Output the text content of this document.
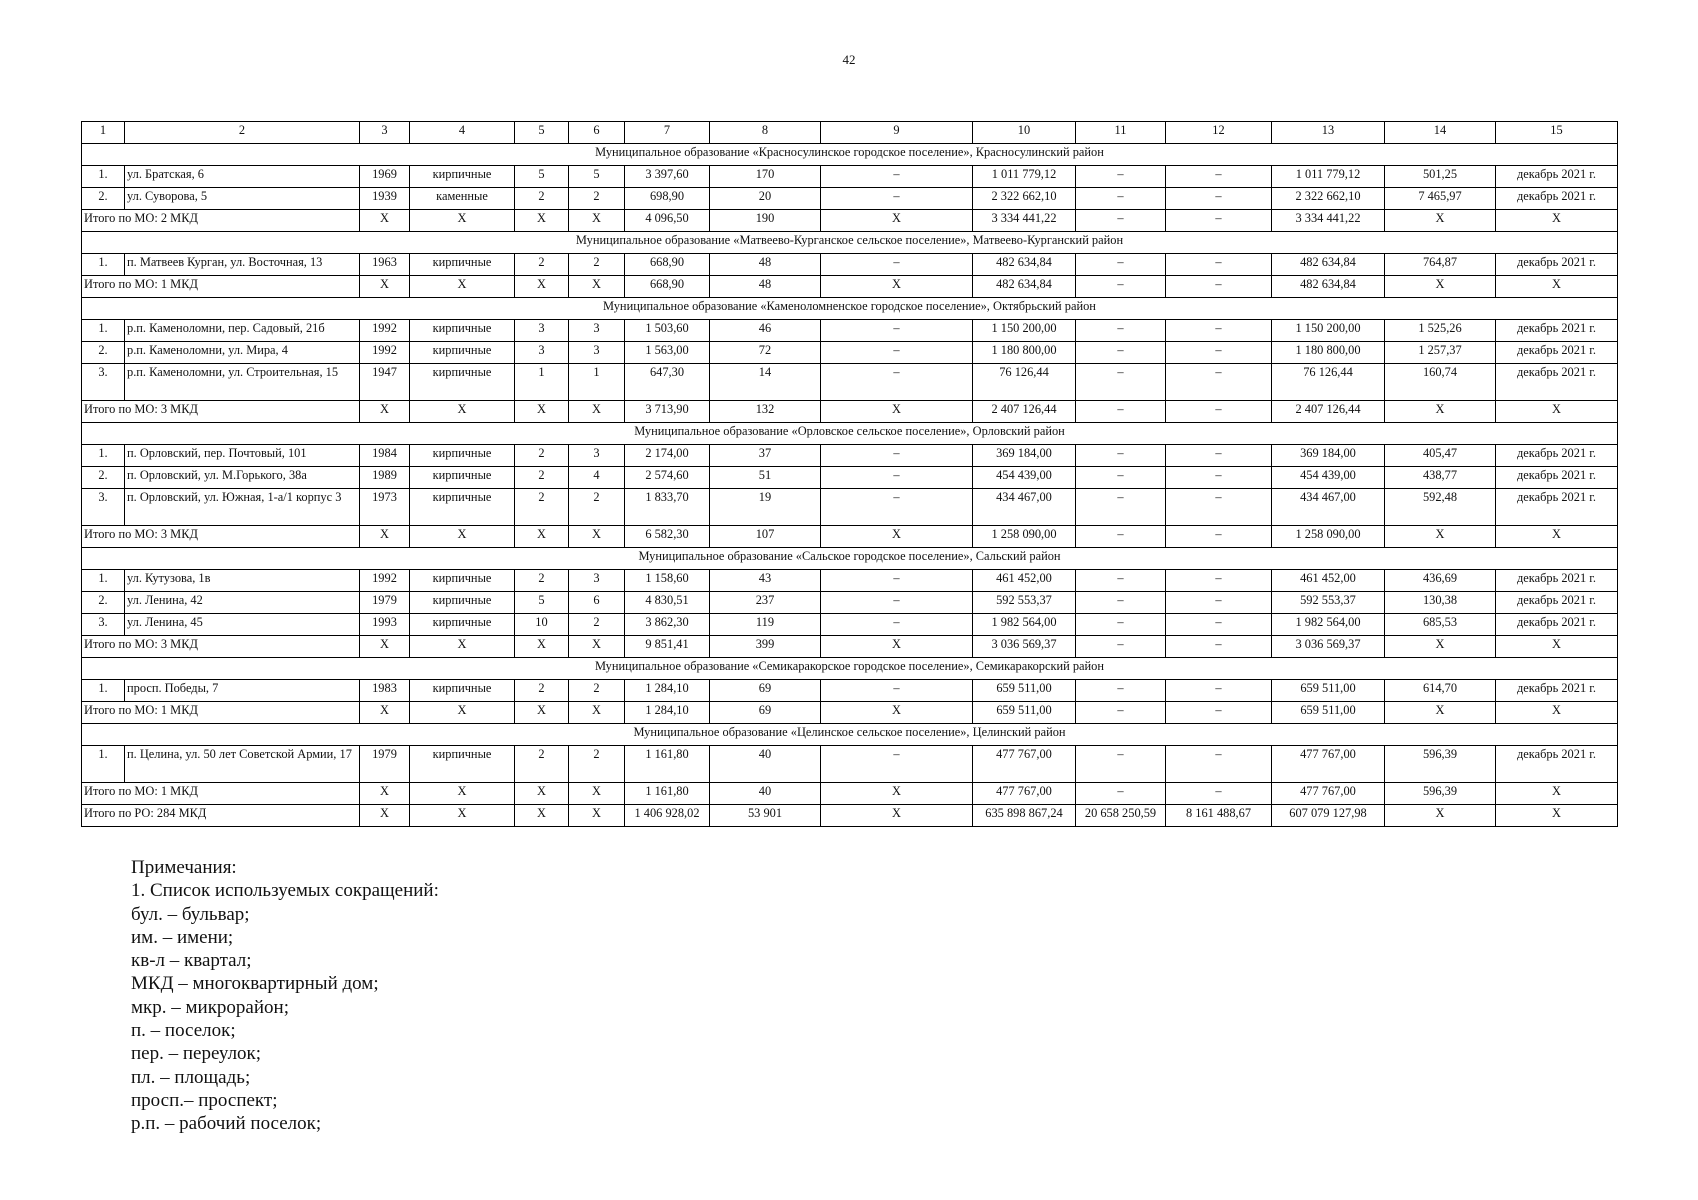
42
1	2	3	4	5	6	7	8	9	10	11	12	13	14	15
Муниципальное образование «Красносулинское городское поселение», Красносулинский район														
1.	ул. Братская, 6	1969	кирпичные	5	5	3 397,60	170	–	1 011 779,12	–	–	1 011 779,12	501,25	декабрь 2021 г.
2.	ул. Суворова, 5	1939	каменные	2	2	698,90	20	–	2 322 662,10	–	–	2 322 662,10	7 465,97	декабрь 2021 г.
Итого по МО: 2 МКД		X	X	X	X	4 096,50	190	X	3 334 441,22	–	–	3 334 441,22	X	X
Муниципальное образование «Матвеево-Курганское сельское поселение», Матвеево-Курганский район														
1.	п. Матвеев Курган, ул. Восточная, 13	1963	кирпичные	2	2	668,90	48	–	482 634,84	–	–	482 634,84	764,87	декабрь 2021 г.
Итого по МО: 1 МКД		X	X	X	X	668,90	48	X	482 634,84	–	–	482 634,84	X	X
Муниципальное образование «Каменоломненское городское поселение», Октябрьский район														
1.	р.п. Каменоломни, пер. Садовый, 21б	1992	кирпичные	3	3	1 503,60	46	–	1 150 200,00	–	–	1 150 200,00	1 525,26	декабрь 2021 г.
2.	р.п. Каменоломни, ул. Мира, 4	1992	кирпичные	3	3	1 563,00	72	–	1 180 800,00	–	–	1 180 800,00	1 257,37	декабрь 2021 г.
3.	р.п. Каменоломни, ул. Строительная, 15	1947	кирпичные	1	1	647,30	14	–	76 126,44	–	–	76 126,44	160,74	декабрь 2021 г.
Итого по МО: 3 МКД		X	X	X	X	3 713,90	132	X	2 407 126,44	–	–	2 407 126,44	X	X
Муниципальное образование «Орловское сельское поселение», Орловский район														
1.	п. Орловский, пер. Почтовый, 101	1984	кирпичные	2	3	2 174,00	37	–	369 184,00	–	–	369 184,00	405,47	декабрь 2021 г.
2.	п. Орловский, ул. М.Горького, 38а	1989	кирпичные	2	4	2 574,60	51	–	454 439,00	–	–	454 439,00	438,77	декабрь 2021 г.
3.	п. Орловский, ул. Южная, 1-а/1 корпус 3	1973	кирпичные	2	2	1 833,70	19	–	434 467,00	–	–	434 467,00	592,48	декабрь 2021 г.
Итого по МО: 3 МКД		X	X	X	X	6 582,30	107	X	1 258 090,00	–	–	1 258 090,00	X	X
Муниципальное образование «Сальское городское поселение», Сальский район														
1.	ул. Кутузова, 1в	1992	кирпичные	2	3	1 158,60	43	–	461 452,00	–	–	461 452,00	436,69	декабрь 2021 г.
2.	ул. Ленина, 42	1979	кирпичные	5	6	4 830,51	237	–	592 553,37	–	–	592 553,37	130,38	декабрь 2021 г.
3.	ул. Ленина, 45	1993	кирпичные	10	2	3 862,30	119	–	1 982 564,00	–	–	1 982 564,00	685,53	декабрь 2021 г.
Итого по МО: 3 МКД		X	X	X	X	9 851,41	399	X	3 036 569,37	–	–	3 036 569,37	X	X
Муниципальное образование «Семикаракорское городское поселение», Семикаракорский район														
1.	просп. Победы, 7	1983	кирпичные	2	2	1 284,10	69	–	659 511,00	–	–	659 511,00	614,70	декабрь 2021 г.
Итого по МО: 1 МКД		X	X	X	X	1 284,10	69	X	659 511,00	–	–	659 511,00	X	X
Муниципальное образование «Целинское сельское поселение», Целинский район														
1.	п. Целина, ул. 50 лет Советской Армии, 17	1979	кирпичные	2	2	1 161,80	40	–	477 767,00	–	–	477 767,00	596,39	декабрь 2021 г.
Итого по МО: 1 МКД		X	X	X	X	1 161,80	40	X	477 767,00	–	–	477 767,00	596,39	X
Итого по РО: 284 МКД		X	X	X	X	1 406 928,02	53 901	X	635 898 867,24	20 658 250,59	8 161 488,67	607 079 127,98	X	X
Примечания:
1. Список используемых сокращений:
бул. – бульвар;
им. – имени;
кв-л – квартал;
МКД – многоквартирный дом;
мкр. – микрорайон;
п. – поселок;
пер. – переулок;
пл. – площадь;
просп.– проспект;
р.п. – рабочий поселок;
